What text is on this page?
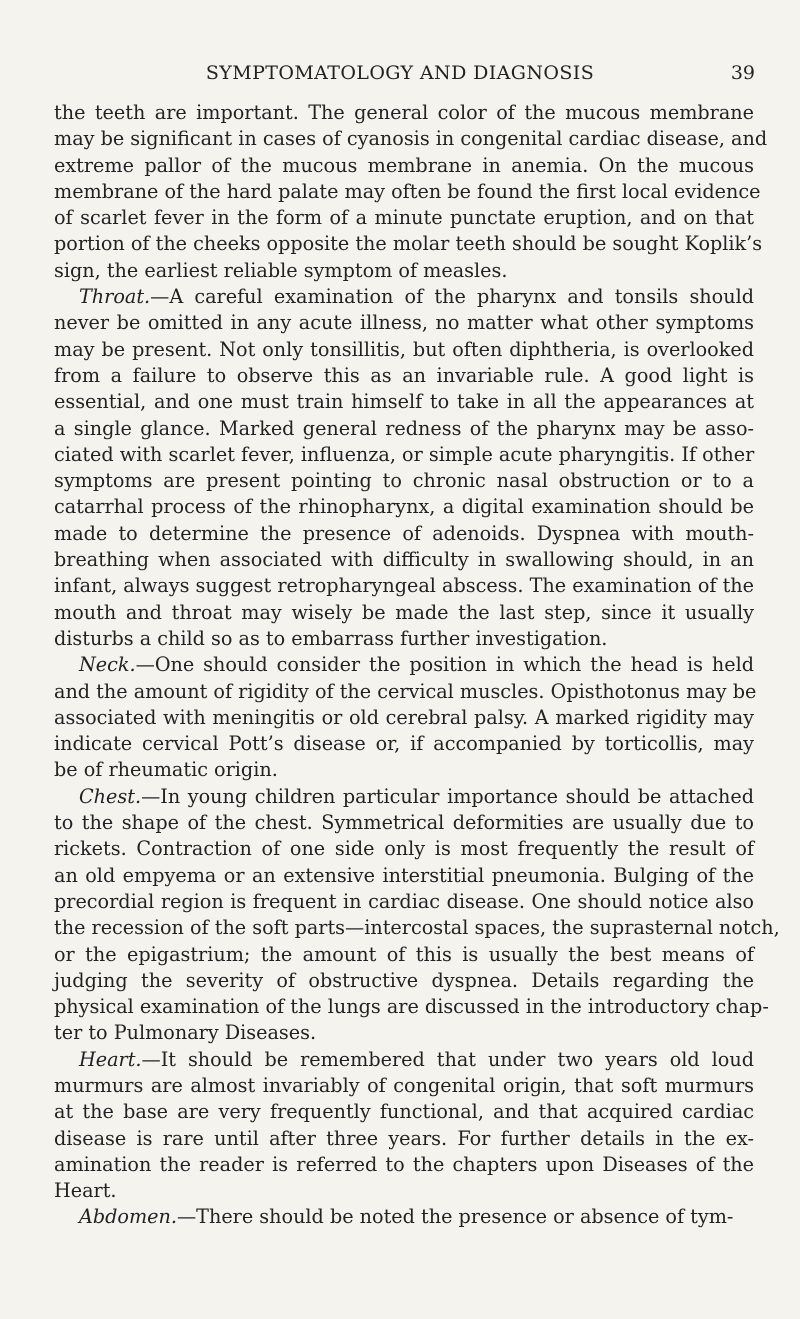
SYMPTOMATOLOGY AND DIAGNOSIS	39
the teeth are important. The general color of the mucous membrane
may be significant in cases of cyanosis in congenital cardiac disease, and
extreme pallor of the mucous membrane in anemia. On the mucous
membrane of the hard palate may often be found the first local evidence
of scarlet fever in the form of a minute punctate eruption, and on that
portion of the cheeks opposite the molar teeth should be sought Koplik’s
sign, the earliest reliable symptom of measles.
Throat.—A careful examination of the pharynx and tonsils should
never be omitted in any acute illness, no matter what other symptoms
may be present. Not only tonsillitis, but often diphtheria, is overlooked
from a failure to observe this as an invariable rule. A good light is
essential, and one must train himself to take in all the appearances at
a single glance. Marked general redness of the pharynx may be asso-
ciated with scarlet fever, influenza, or simple acute pharyngitis. If other
symptoms are present pointing to chronic nasal obstruction or to a
catarrhal process of the rhinopharynx, a digital examination should be
made to determine the presence of adenoids. Dyspnea with mouth-
breathing when associated with difficulty in swallowing should, in an
infant, always suggest retropharyngeal abscess. The examination of the
mouth and throat may wisely be made the last step, since it usually
disturbs a child so as to embarrass further investigation.
Neck.—One should consider the position in which the head is held
and the amount of rigidity of the cervical muscles. Opisthotonus may be
associated with meningitis or old cerebral palsy. A marked rigidity may
indicate cervical Pott’s disease or, if accompanied by torticollis, may
be of rheumatic origin.
Chest.—In young children particular importance should be attached
to the shape of the chest. Symmetrical deformities are usually due to
rickets. Contraction of one side only is most frequently the result of
an old empyema or an extensive interstitial pneumonia. Bulging of the
precordial region is frequent in cardiac disease. One should notice also
the recession of the soft parts—intercostal spaces, the suprasternal notch,
or the epigastrium; the amount of this is usually the best means of
judging the severity of obstructive dyspnea. Details regarding the
physical examination of the lungs are discussed in the introductory chap-
ter to Pulmonary Diseases.
Heart.—It should be remembered that under two years old loud
murmurs are almost invariably of congenital origin, that soft murmurs
at the base are very frequently functional, and that acquired cardiac
disease is rare until after three years. For further details in the ex-
amination the reader is referred to the chapters upon Diseases of the
Heart.
Abdomen.—There should be noted the presence or absence of tym-
